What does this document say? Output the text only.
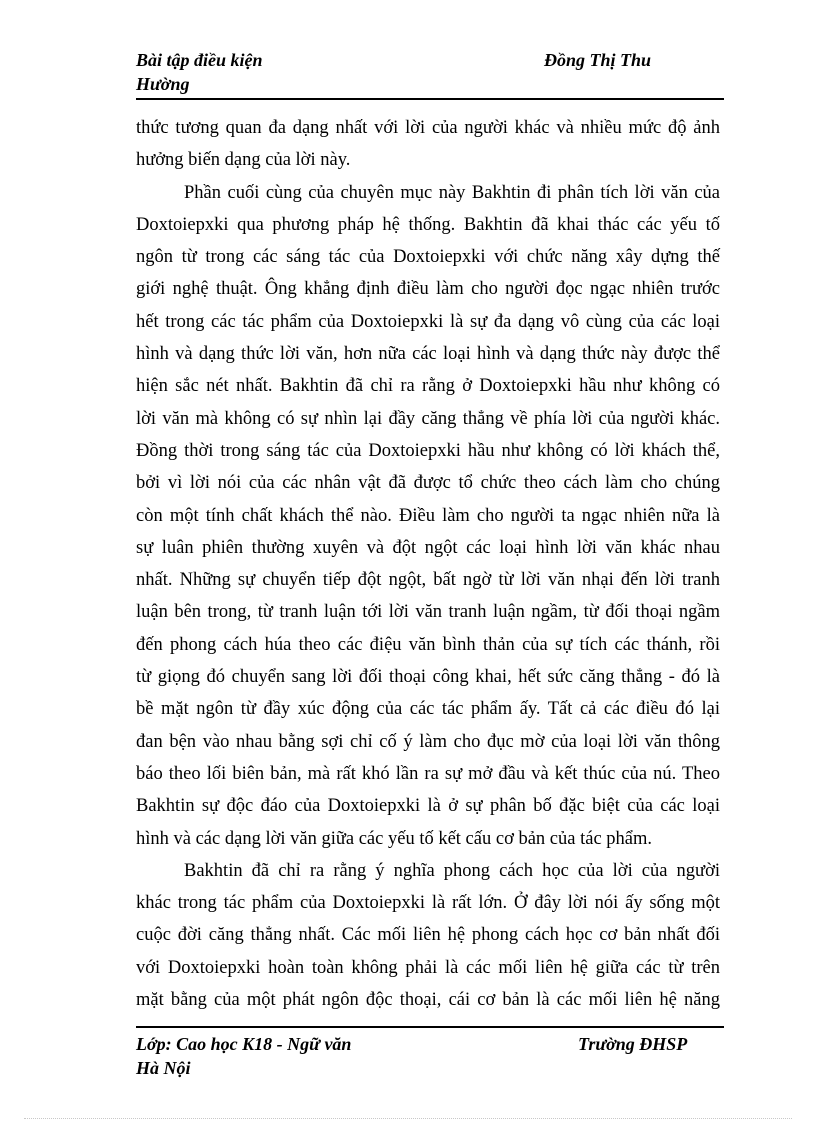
Bài tập điều kiện	Đồng Thị Thu
Hường
thức tương quan đa dạng nhất với lời của người khác và nhiều mức độ ảnh
hưởng biến dạng của lời này.
Phần cuối cùng của chuyên mục này Bakhtin đi phân tích lời văn của
Doxtoiepxki qua phương pháp hệ thống. Bakhtin đã khai thác các yếu tố
ngôn từ trong các sáng tác của Doxtoiepxki với chức năng xây dựng thế
giới nghệ thuật. Ông khẳng định điều làm cho người đọc ngạc nhiên trước
hết trong các tác phẩm của Doxtoiepxki là sự đa dạng vô cùng của các loại
hình và dạng thức lời văn, hơn nữa các loại hình và dạng thức này được thể
hiện sắc nét nhất. Bakhtin đã chỉ ra rằng ở Doxtoiepxki hầu như không có
lời văn mà không có sự nhìn lại đầy căng thẳng về phía lời của người khác.
Đồng thời trong sáng tác của Doxtoiepxki hầu như không có lời khách thể,
bởi vì lời nói của các nhân vật đã được tổ chức theo cách làm cho chúng
còn một tính chất khách thể nào. Điều làm cho người ta ngạc nhiên nữa là
sự luân phiên thường xuyên và đột ngột các loại hình lời văn khác nhau
nhất. Những sự chuyển tiếp đột ngột, bất ngờ từ lời văn nhại đến lời tranh
luận bên trong, từ tranh luận tới lời văn tranh luận ngầm, từ đối thoại ngầm
đến phong cách húa theo các điệu văn bình thản của sự tích các thánh, rồi
từ giọng đó chuyển sang lời đối thoại công khai, hết sức căng thẳng - đó là
bề mặt ngôn từ đầy xúc động của các tác phẩm ấy. Tất cả các điều đó lại
đan bện vào nhau bằng sợi chỉ cố ý làm cho đục mờ của loại lời văn thông
báo theo lối biên bản, mà rất khó lần ra sự mở đầu và kết thúc của nú. Theo
Bakhtin sự độc đáo của Doxtoiepxki là ở sự phân bố đặc biệt của các loại
hình và các dạng lời văn giữa các yếu tố kết cấu cơ bản của tác phẩm.
Bakhtin đã chỉ ra rằng ý nghĩa phong cách học của lời của người
khác trong tác phẩm của Doxtoiepxki là rất lớn. Ở đây lời nói ấy sống một
cuộc đời căng thẳng nhất. Các mối liên hệ phong cách học cơ bản nhất đối
với Doxtoiepxki hoàn toàn không phải là các mối liên hệ giữa các từ trên
mặt bằng của một phát ngôn độc thoại, cái cơ bản là các mối liên hệ năng
Lớp: Cao học K18 - Ngữ văn	Trường ĐHSP
Hà Nội
